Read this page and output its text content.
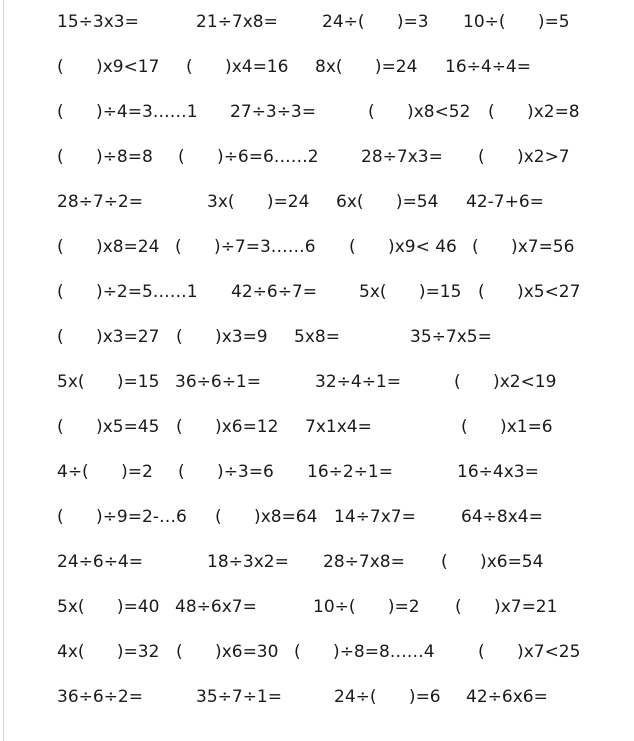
15÷3x3=	21÷7x8=	24÷(      )=3 10÷(      )=5
(      )x9<17 (      )x4=16 8x(      )=24 16÷4÷4=
(      )÷4=3……1 27÷3÷3=	(      )x8<52 (      )x2=8
(      )÷8=8 (      )÷6=6……2 28÷7x3= (      )x2>7
28÷7÷2=	3x(      )=24 6x(      )=54 42-7+6=
(      )x8=24 (      )÷7=3……6 (      )x9< 46 (      )x7=56
(      )÷2=5……1 42÷6÷7= 5x(      )=15 (      )x5<27
(      )x3=27 (      )x3=9 5x8=	35÷7x5=
5x(      )=15 36÷6÷1=	32÷4÷1=	(      )x2<19
(      )x5=45 (      )x6=12 7x1x4=	(      )x1=6
4÷(      )=2 (      )÷3=6 16÷2÷1=	16÷4x3=
(      )÷9=2-…6 (      )x8=64 14÷7x7=	64÷8x4=
24÷6÷4=	18÷3x2= 28÷7x8= (      )x6=54
5x(      )=40 48÷6x7=	10÷(      )=2 (      )x7=21
4x(      )=32 (      )x6=30 (      )÷8=8……4	(      )x7<25
36÷6÷2=	35÷7÷1=	24÷(      )=6 42÷6x6=
